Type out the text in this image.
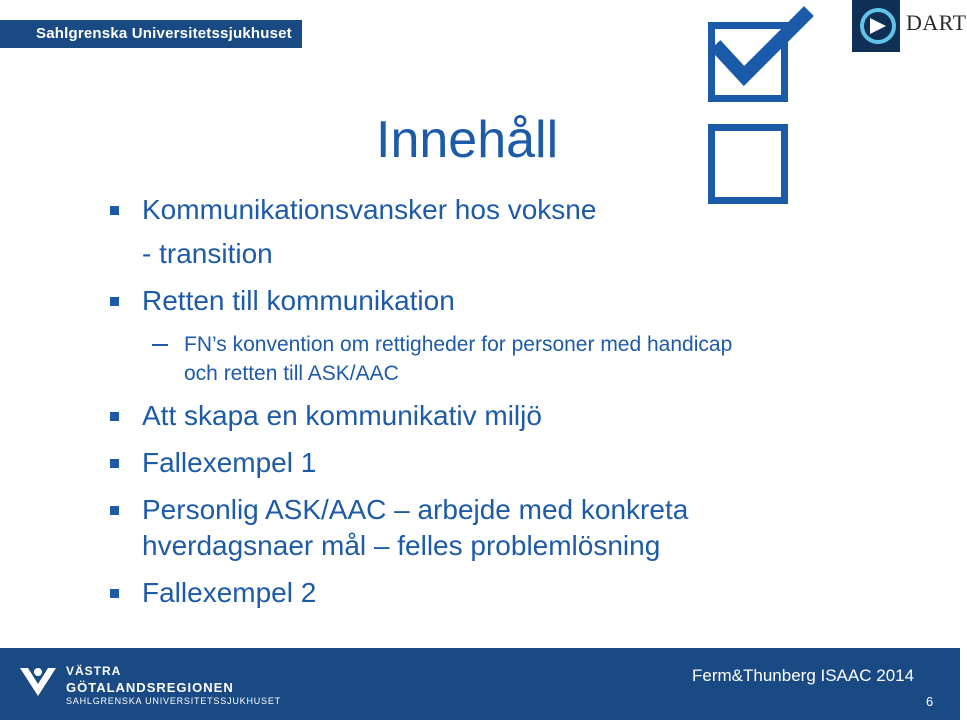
Sahlgrenska Universitetssjukhuset	DART
Innehåll
Kommunikationsvansker hos voksne
- transition
Retten till kommunikation
FN’s konvention om rettigheder for personer med handicap
och retten till ASK/AAC
Att skapa en kommunikativ miljö
Fallexempel 1
Personlig ASK/AAC – arbejde med konkreta
hverdagsnaer mål – felles problemlösning
Fallexempel 2
VÄSTRA
GÖTALANDSREGIONEN
SAHLGRENSKA UNIVERSITETSSJUKHUSET
Ferm&Thunberg ISAAC 2014
6
